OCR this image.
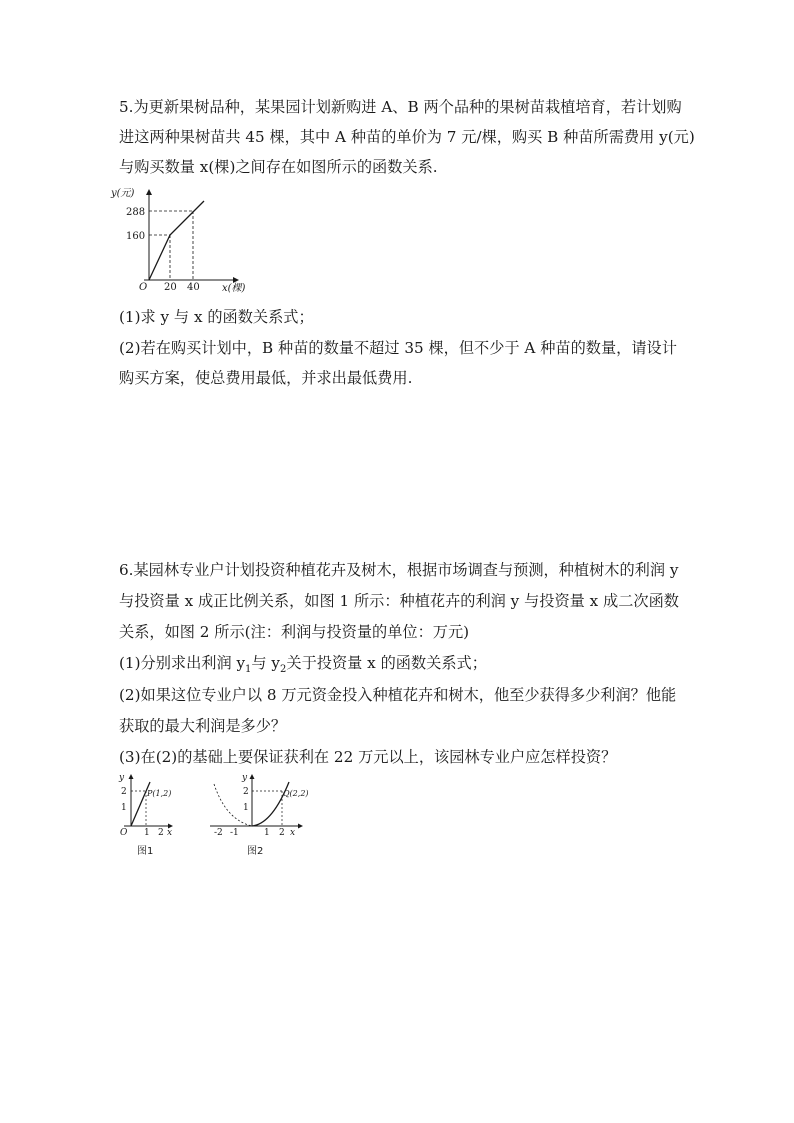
5.为更新果树品种，某果园计划新购进 A、B 两个品种的果树苗栽植培育，若计划购

进这两种果树苗共 45 棵，其中 A 种苗的单价为 7 元/棵，购买 B 种苗所需费用 y(元)

与购买数量 x(棵)之间存在如图所示的函数关系.

y(元)
288
160
O 20 40 x(棵)

(1)求 y 与 x 的函数关系式；

(2)若在购买计划中，B 种苗的数量不超过 35 棵，但不少于 A 种苗的数量，请设计

购买方案，使总费用最低，并求出最低费用.

6.某园林专业户计划投资种植花卉及树木，根据市场调查与预测，种植树木的利润 y

与投资量 x 成正比例关系，如图 1 所示：种植花卉的利润 y 与投资量 x 成二次函数

关系，如图 2 所示(注：利润与投资量的单位：万元)

(1)分别求出利润 $y_1$与 $y_2$关于投资量 x 的函数关系式；

(2)如果这位专业户以 8 万元资金投入种植花卉和树木，他至少获得多少利润？他能

获取的最大利润是多少？

(3)在(2)的基础上要保证获利在 22 万元以上，该园林专业户应怎样投资？

y
2
1
P(1,2)
O 1 2 x
图1
y
2
1
Q(2,2)
-2 -1	1 2 x
图2
